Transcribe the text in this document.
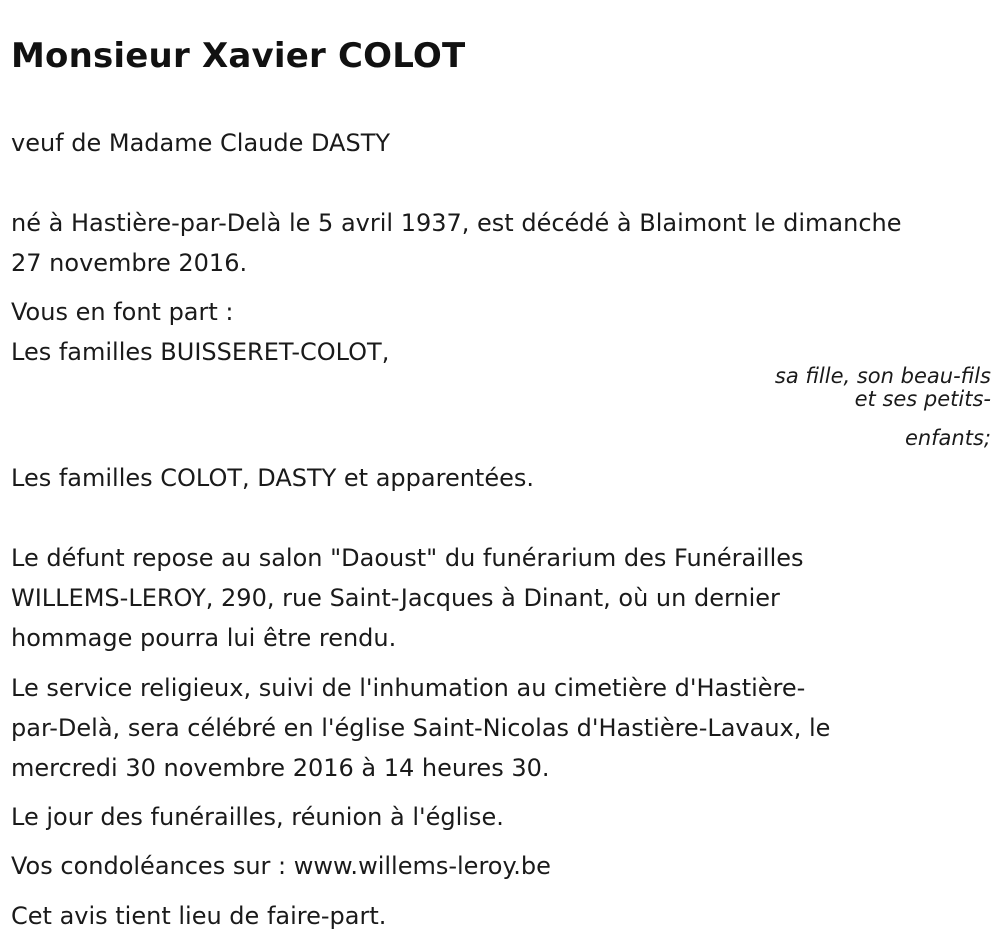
Monsieur Xavier COLOT

veuf de Madame Claude DASTY

né à Hastière-par-Delà le 5 avril 1937, est décédé à Blaimont le dimanche

27 novembre 2016.

Vous en font part :

Les familles BUISSERET-COLOT,

sa fille, son beau-fils

et ses petits-

enfants;

Les familles COLOT, DASTY et apparentées.

Le défunt repose au salon "Daoust" du funérarium des Funérailles

WILLEMS-LEROY, 290, rue Saint-Jacques à Dinant, où un dernier

hommage pourra lui être rendu.

Le service religieux, suivi de l'inhumation au cimetière d'Hastière-

par-Delà, sera célébré en l'église Saint-Nicolas d'Hastière-Lavaux, le

mercredi 30 novembre 2016 à 14 heures 30.

Le jour des funérailles, réunion à l'église.

Vos condoléances sur : www.willems-leroy.be

Cet avis tient lieu de faire-part.
